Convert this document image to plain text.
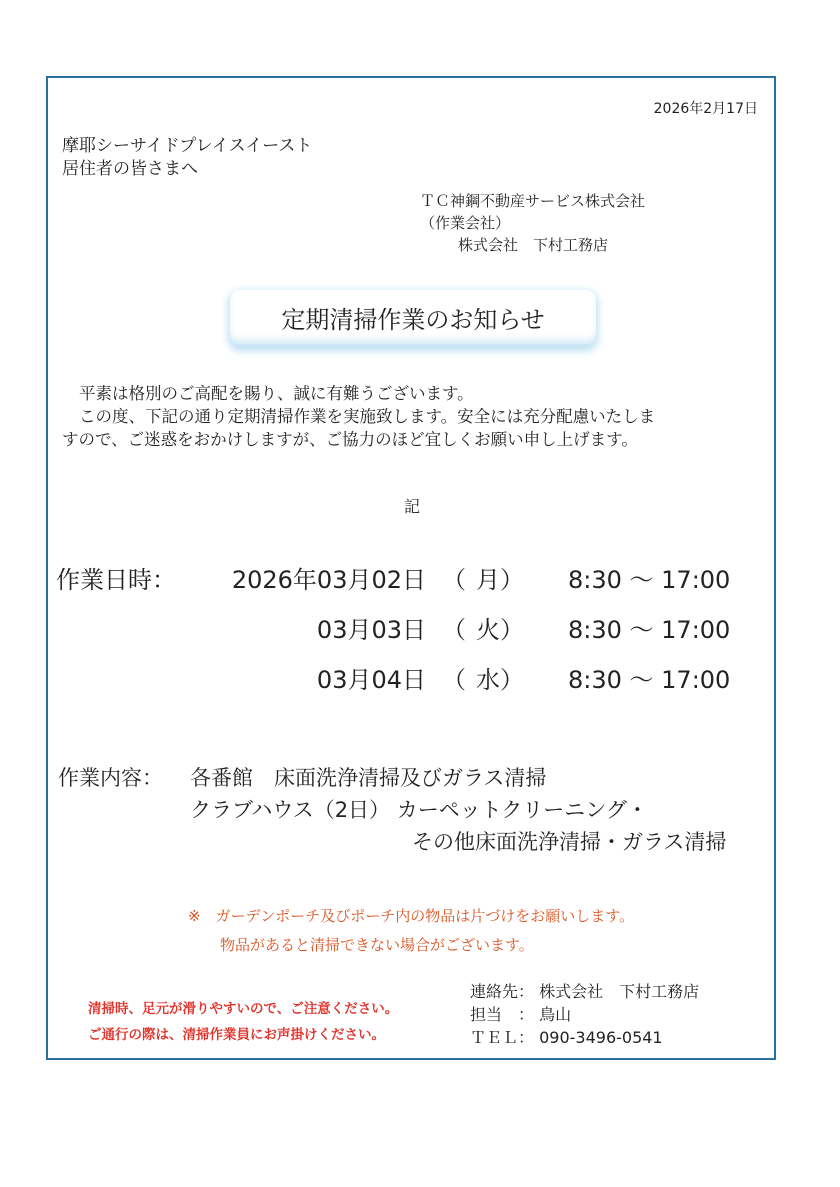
2026年2月17日
摩耶シーサイドプレイスイースト
居住者の皆さまへ
ＴＣ神鋼不動産サービス株式会社
（作業会社）
株式会社　下村工務店
定期清掃作業のお知らせ
平素は格別のご高配を賜り、誠に有難うございます。
この度、下記の通り定期清掃作業を実施致します。安全には充分配慮いたしま
すので、ご迷惑をおかけしますが、ご協力のほど宜しくお願い申し上げます。
記
作業日時：	2026年03月02日 （ 月 ） 8:30 ～ 17:00
03月03日 （ 火 ） 8:30 ～ 17:00
03月04日 （ 水 ） 8:30 ～ 17:00
作業内容： 各番館　床面洗浄清掃及びガラス清掃
クラブハウス（2日） カーペットクリーニング・
その他床面洗浄清掃・ガラス清掃
※　ガーデンポーチ及びポーチ内の物品は片づけをお願いします。
物品があると清掃できない場合がございます。
清掃時、足元が滑りやすいので、ご注意ください。
ご通行の際は、清掃作業員にお声掛けください。
連絡先： 株式会社　下村工務店
担当　： 鳥山
ＴＥＬ： 090-3496-0541
